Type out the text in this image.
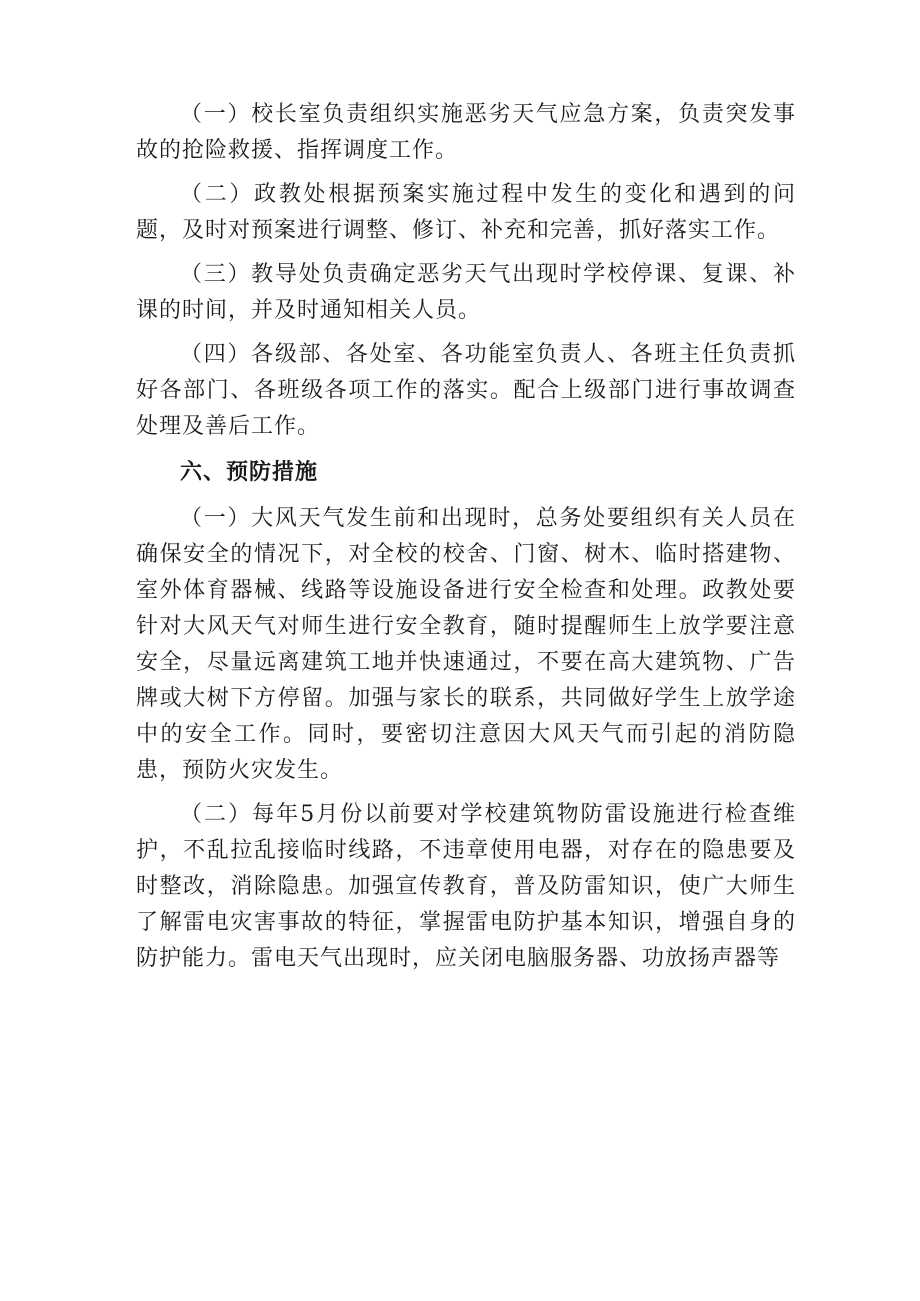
（一）校长室负责组织实施恶劣天气应急方案，负责突发事故的抢险救援、指挥调度工作。

（二）政教处根据预案实施过程中发生的变化和遇到的问题，及时对预案进行调整、修订、补充和完善，抓好落实工作。

（三）教导处负责确定恶劣天气出现时学校停课、复课、补课的时间，并及时通知相关人员。

（四）各级部、各处室、各功能室负责人、各班主任负责抓好各部门、各班级各项工作的落实。配合上级部门进行事故调查处理及善后工作。

六、预防措施

（一）大风天气发生前和出现时，总务处要组织有关人员在确保安全的情况下，对全校的校舍、门窗、树木、临时搭建物、室外体育器械、线路等设施设备进行安全检查和处理。政教处要针对大风天气对师生进行安全教育，随时提醒师生上放学要注意安全，尽量远离建筑工地并快速通过，不要在高大建筑物、广告牌或大树下方停留。加强与家长的联系，共同做好学生上放学途中的安全工作。同时，要密切注意因大风天气而引起的消防隐患，预防火灾发生。

（二）每年5月份以前要对学校建筑物防雷设施进行检查维护，不乱拉乱接临时线路，不违章使用电器，对存在的隐患要及时整改，消除隐患。加强宣传教育，普及防雷知识，使广大师生了解雷电灾害事故的特征，掌握雷电防护基本知识，增强自身的防护能力。雷电天气出现时，应关闭电脑服务器、功放扬声器等
